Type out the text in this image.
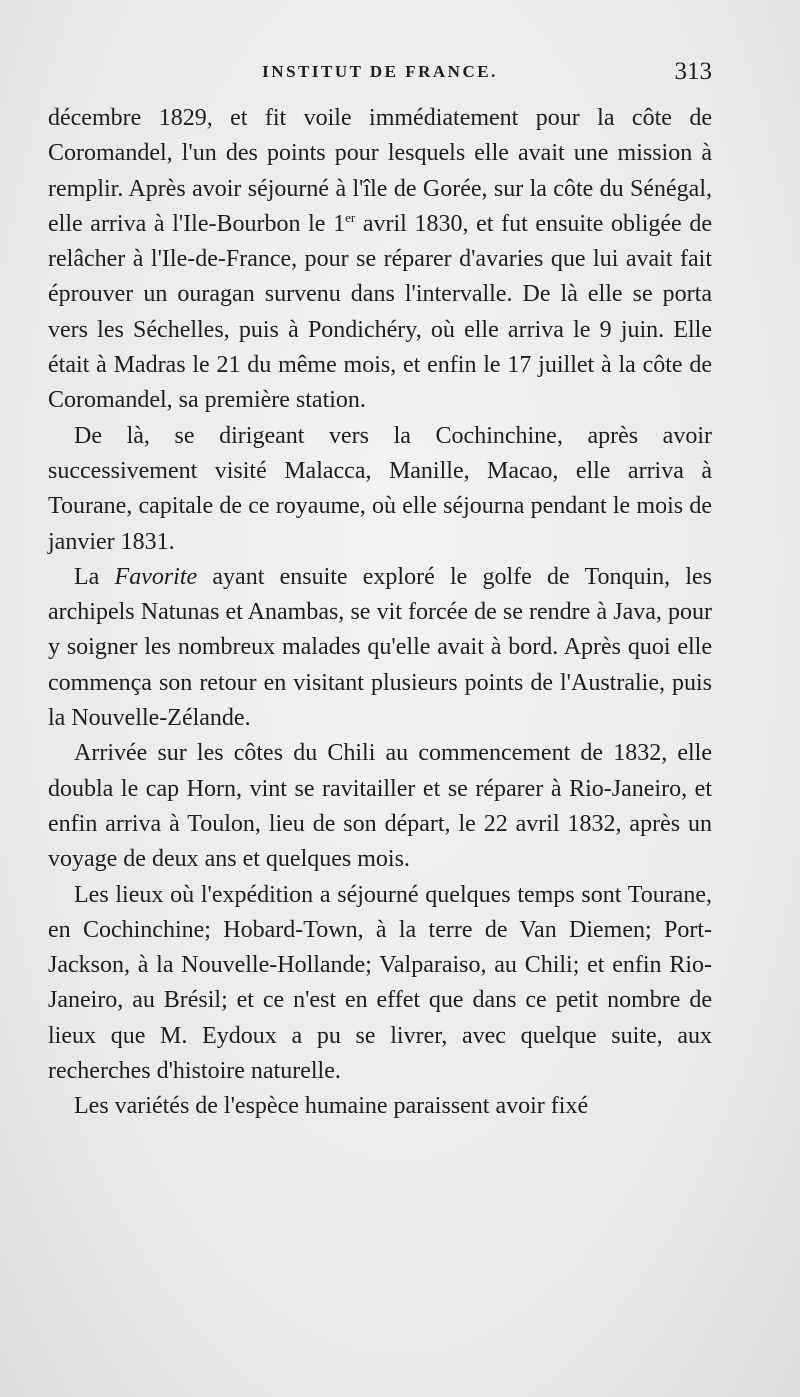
INSTITUT DE FRANCE.	313

décembre 1829, et fit voile immédiatement pour la côte de Coromandel, l'un des points pour lesquels elle avait une mission à remplir. Après avoir séjourné à l'île de Gorée, sur la côte du Sénégal, elle arriva à l'Ile-Bourbon le 1er avril 1830, et fut ensuite obligée de relâcher à l'Ile-de-France, pour se réparer d'avaries que lui avait fait éprouver un ouragan survenu dans l'intervalle. De là elle se porta vers les Séchelles, puis à Pondichéry, où elle arriva le 9 juin. Elle était à Madras le 21 du même mois, et enfin le 17 juillet à la côte de Coromandel, sa première station.

De là, se dirigeant vers la Cochinchine, après avoir successivement visité Malacca, Manille, Macao, elle arriva à Tourane, capitale de ce royaume, où elle séjourna pendant le mois de janvier 1831.

La Favorite ayant ensuite exploré le golfe de Tonquin, les archipels Natunas et Anambas, se vit forcée de se rendre à Java, pour y soigner les nombreux malades qu'elle avait à bord. Après quoi elle commença son retour en visitant plusieurs points de l'Australie, puis la Nouvelle-Zélande.

Arrivée sur les côtes du Chili au commencement de 1832, elle doubla le cap Horn, vint se ravitailler et se réparer à Rio-Janeiro, et enfin arriva à Toulon, lieu de son départ, le 22 avril 1832, après un voyage de deux ans et quelques mois.

Les lieux où l'expédition a séjourné quelques temps sont Tourane, en Cochinchine; Hobard-Town, à la terre de Van Diemen; Port-Jackson, à la Nouvelle-Hollande; Valparaiso, au Chili; et enfin Rio-Janeiro, au Brésil; et ce n'est en effet que dans ce petit nombre de lieux que M. Eydoux a pu se livrer, avec quelque suite, aux recherches d'histoire naturelle.

Les variétés de l'espèce humaine paraissent avoir fixé
